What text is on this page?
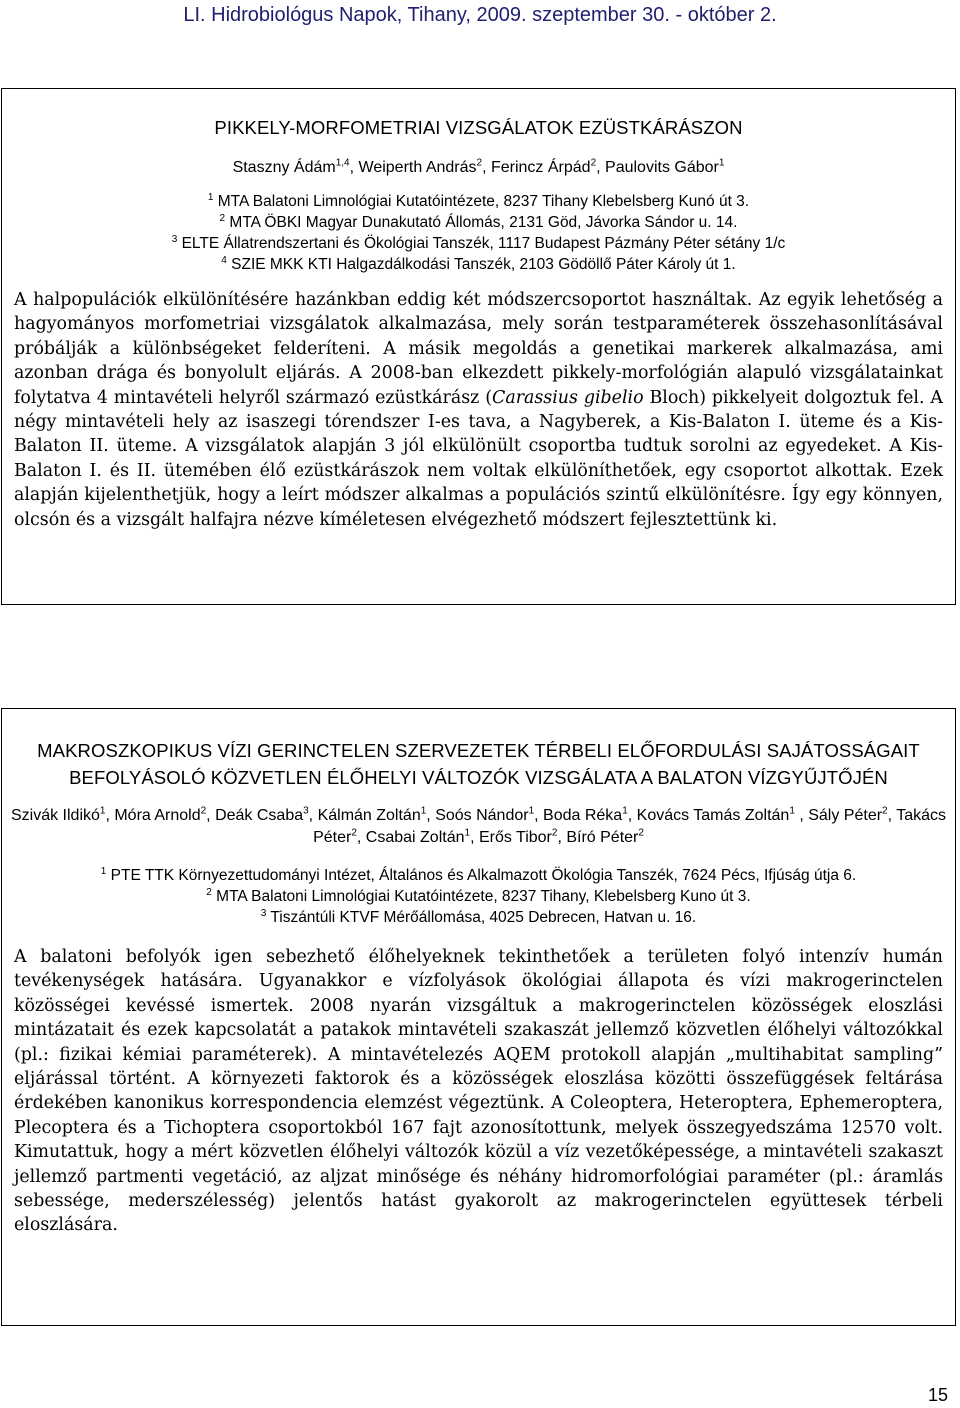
LI. Hidrobiológus Napok, Tihany, 2009. szeptember 30. - október 2.
PIKKELY-MORFOMETRIAI VIZSGÁLATOK EZÜSTKÁRÁSZON
Staszny Ádám$^{1,4}$, Weiperth András$^2$, Ferincz Árpád$^2$, Paulovits Gábor$^1$
$^1$ MTA Balatoni Limnológiai Kutatóintézete, 8237 Tihany Klebelsberg Kunó út 3.
$^2$ MTA ÖBKI Magyar Dunakutató Állomás, 2131 Göd, Jávorka Sándor u. 14.
$^3$ ELTE Állatrendszertani és Ökológiai Tanszék, 1117 Budapest Pázmány Péter sétány 1/c
$^4$ SZIE MKK KTI Halgazdálkodási Tanszék, 2103 Gödöllő Páter Károly út 1.
A halpopulációk elkülönítésére hazánkban eddig két módszercsoportot használtak. Az egyik lehetőség a hagyományos morfometriai vizsgálatok alkalmazása, mely során testparaméterek összehasonlításával próbálják a különbségeket felderíteni. A másik megoldás a genetikai markerek alkalmazása, ami azonban drága és bonyolult eljárás. A 2008-ban elkezdett pikkely-morfológián alapuló vizsgálatainkat folytatva 4 mintavételi helyről származó ezüstkárász (Carassius gibelio Bloch) pikkelyeit dolgoztuk fel. A négy mintavételi hely az isaszegi tórendszer I-es tava, a Nagyberek, a Kis-Balaton I. üteme és a Kis-Balaton II. üteme. A vizsgálatok alapján 3 jól elkülönült csoportba tudtuk sorolni az egyedeket. A Kis-Balaton I. és II. ütemében élő ezüstkárászok nem voltak elkülöníthetőek, egy csoportot alkottak. Ezek alapján kijelenthetjük, hogy a leírt módszer alkalmas a populációs szintű elkülönítésre. Így egy könnyen, olcsón és a vizsgált halfajra nézve kíméletesen elvégezhető módszert fejlesztettünk ki.
MAKROSZKOPIKUS VÍZI GERINCTELEN SZERVEZETEK TÉRBELI ELŐFORDULÁSI SAJÁTOSSÁGAIT BEFOLYÁSOLÓ KÖZVETLEN ÉLŐHELYI VÁLTOZÓK VIZSGÁLATA A BALATON VÍZGYŰJTŐJÉN
Szivák Ildikó$^1$, Móra Arnold$^2$, Deák Csaba$^3$, Kálmán Zoltán$^1$, Soós Nándor$^1$, Boda Réka$^1$, Kovács Tamás Zoltán$^1$ , Sály Péter$^2$, Takács Péter$^2$, Csabai Zoltán$^1$, Erős Tibor$^2$, Bíró Péter$^2$
$^1$ PTE TTK Környezettudományi Intézet, Általános és Alkalmazott Ökológia Tanszék, 7624 Pécs, Ifjúság útja 6.
$^2$ MTA Balatoni Limnológiai Kutatóintézete, 8237 Tihany, Klebelsberg Kuno út 3.
$^3$ Tiszántúli KTVF Mérőállomása, 4025 Debrecen, Hatvan u. 16.
A balatoni befolyók igen sebezhető élőhelyeknek tekinthetőek a területen folyó intenzív humán tevékenységek hatására. Ugyanakkor e vízfolyások ökológiai állapota és vízi makrogerinctelen közösségei kevéssé ismertek. 2008 nyarán vizsgáltuk a makrogerinctelen közösségek eloszlási mintázatait és ezek kapcsolatát a patakok mintavételi szakaszát jellemző közvetlen élőhelyi változókkal (pl.: fizikai kémiai paraméterek). A mintavételezés AQEM protokoll alapján „multihabitat sampling” eljárással történt. A környezeti faktorok és a közösségek eloszlása közötti összefüggések feltárása érdekében kanonikus korrespondencia elemzést végeztünk. A Coleoptera, Heteroptera, Ephemeroptera, Plecoptera és a Tichoptera csoportokból 167 fajt azonosítottunk, melyek összegyedszáma 12570 volt. Kimutattuk, hogy a mért közvetlen élőhelyi változók közül a víz vezetőképessége, a mintavételi szakaszt jellemző partmenti vegetáció, az aljzat minősége és néhány hidromorfológiai paraméter (pl.: áramlás sebessége, mederszélesség) jelentős hatást gyakorolt az makrogerinctelen együttesek térbeli eloszlására.
15
